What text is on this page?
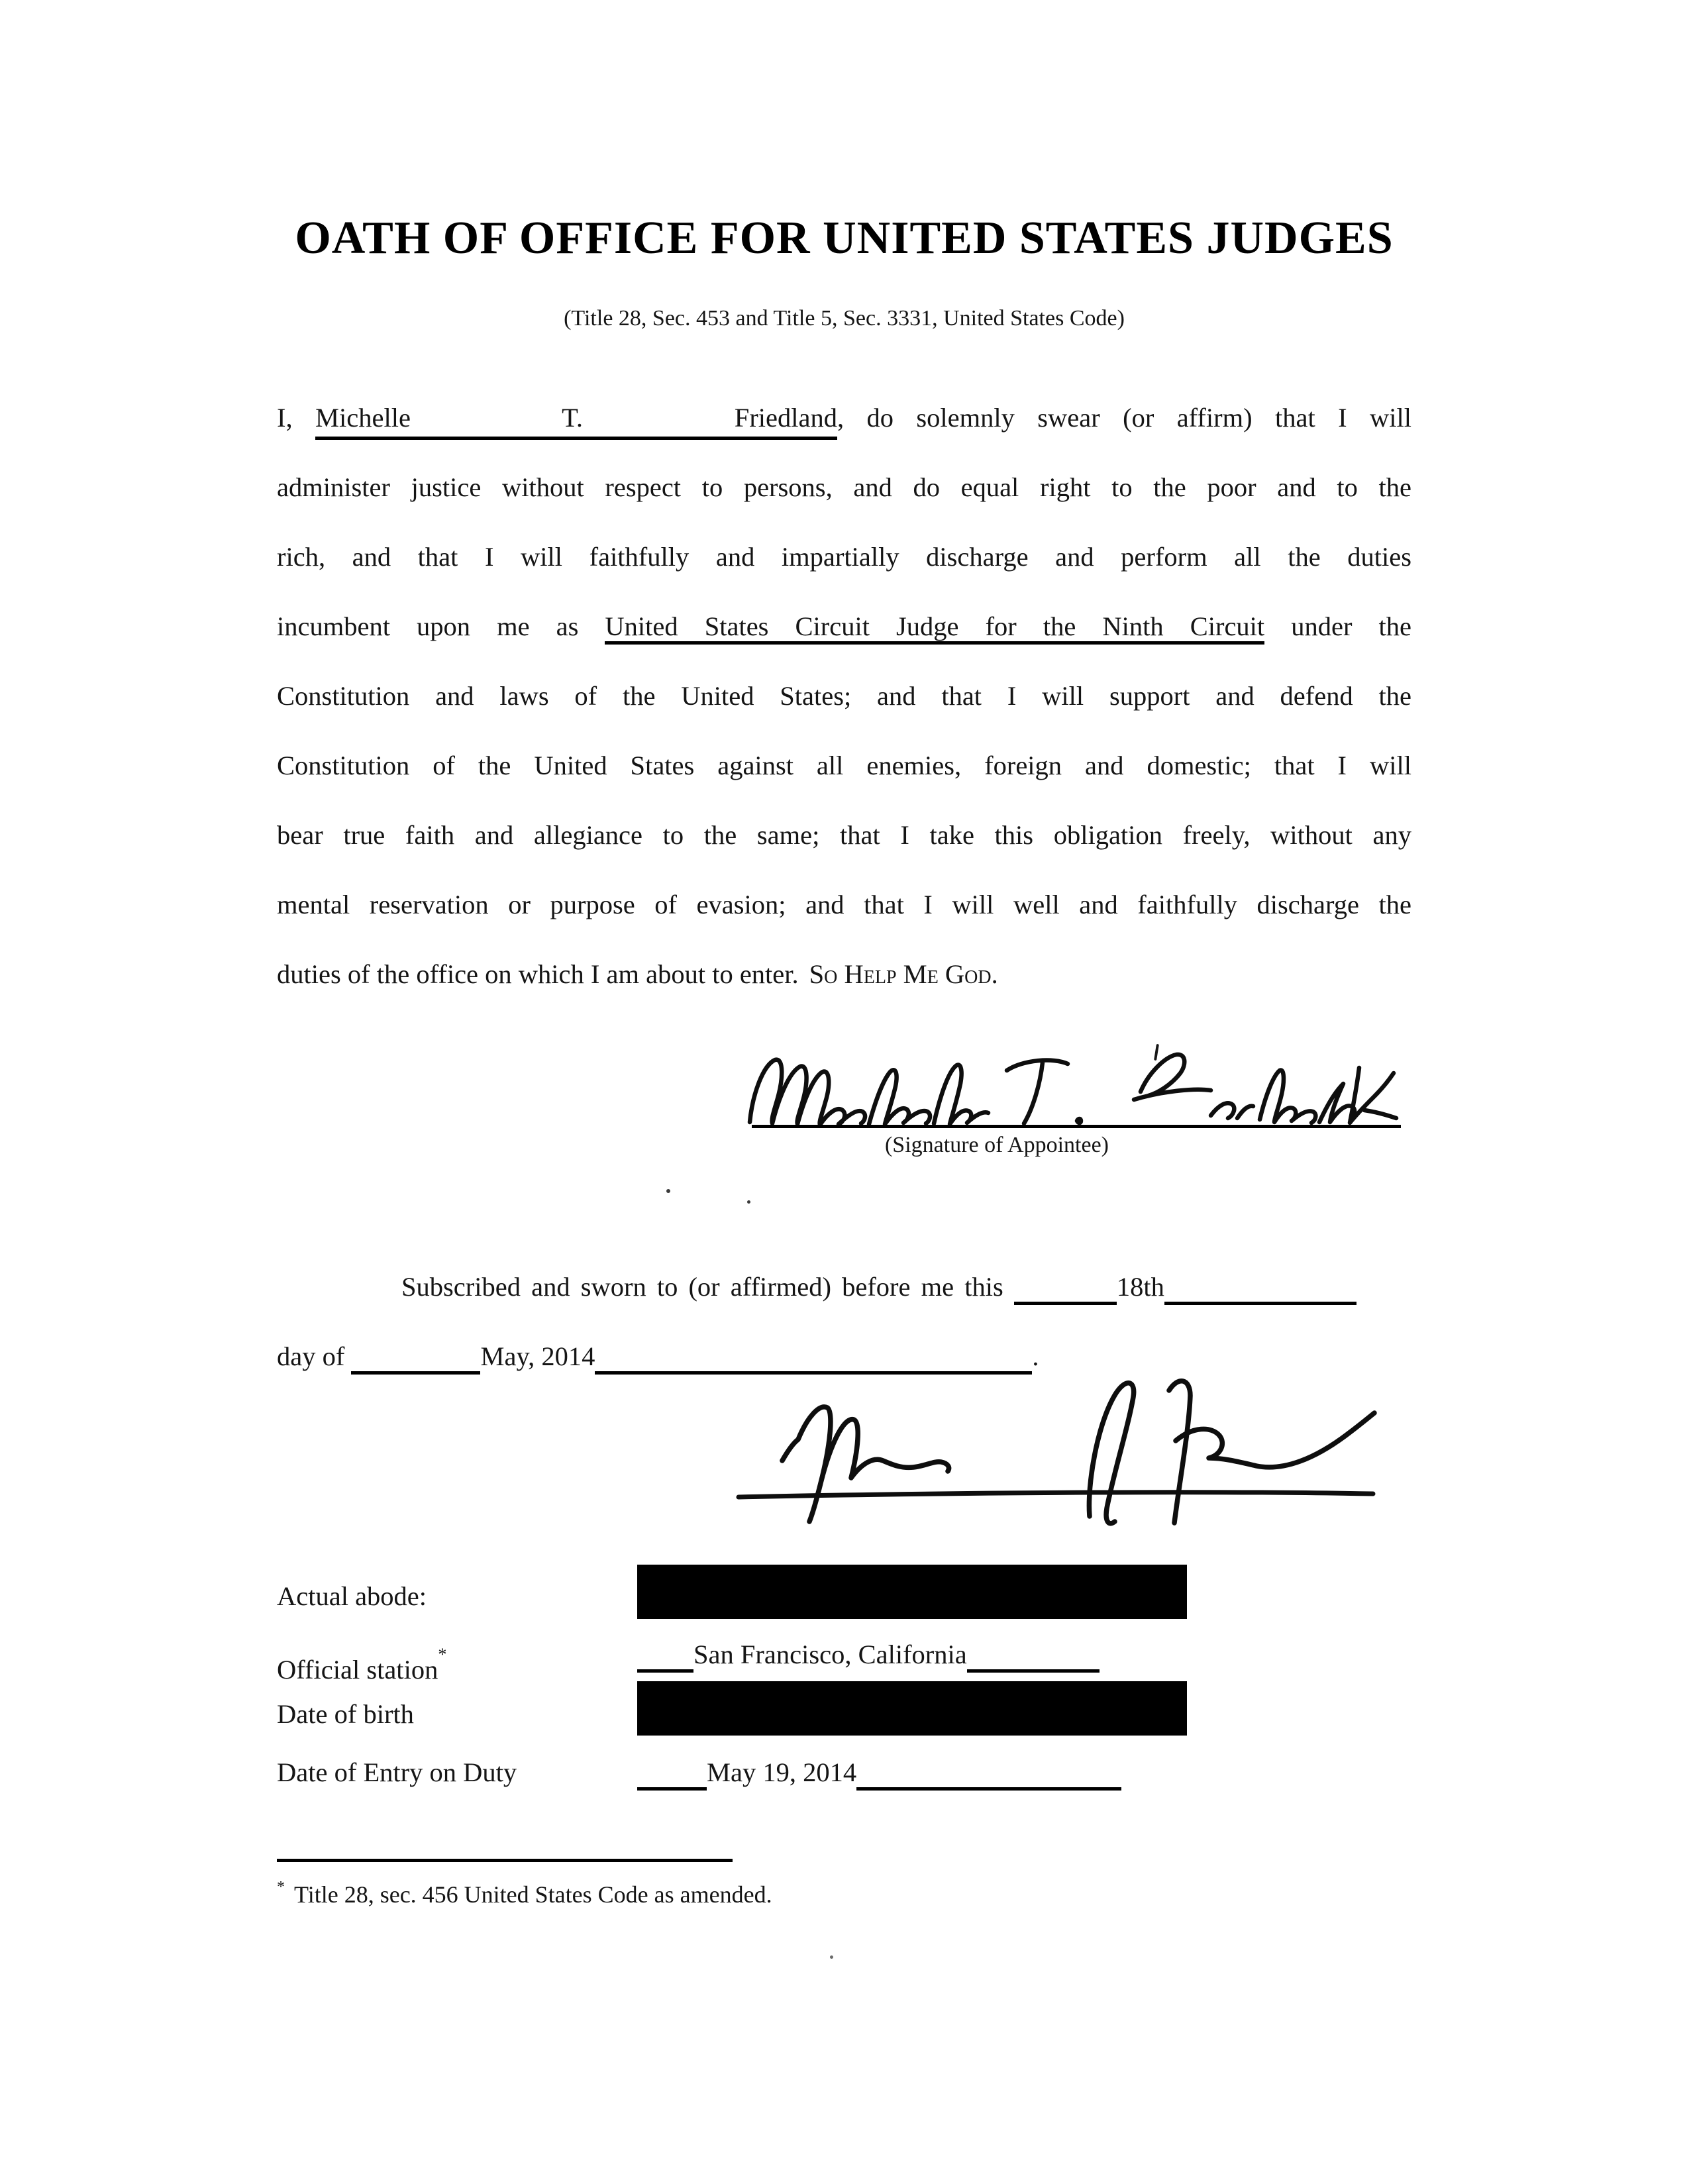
OATH OF OFFICE FOR UNITED STATES JUDGES
(Title 28, Sec. 453 and Title 5, Sec. 3331, United States Code)
I, Michelle T. Friedland, do solemnly swear (or affirm) that I will
administer justice without respect to persons, and do equal right to the poor and to the
rich, and that I will faithfully and impartially discharge and perform all the duties
incumbent upon me as United States Circuit Judge for the Ninth Circuit under the
Constitution and laws of the United States; and that I will support and defend the
Constitution of the United States against all enemies, foreign and domestic; that I will
bear true faith and allegiance to the same; that I take this obligation freely, without any
mental reservation or purpose of evasion; and that I will well and faithfully discharge the
duties of the office on which I am about to enter. So Help Me God.
(Signature of Appointee)
Subscribed and sworn to (or affirmed) before me this	18th
day of	May, 2014	.
Actual abode:
Official station*	San Francisco, California
Date of birth
Date of Entry on Duty	May 19, 2014
* Title 28, sec. 456 United States Code as amended.
